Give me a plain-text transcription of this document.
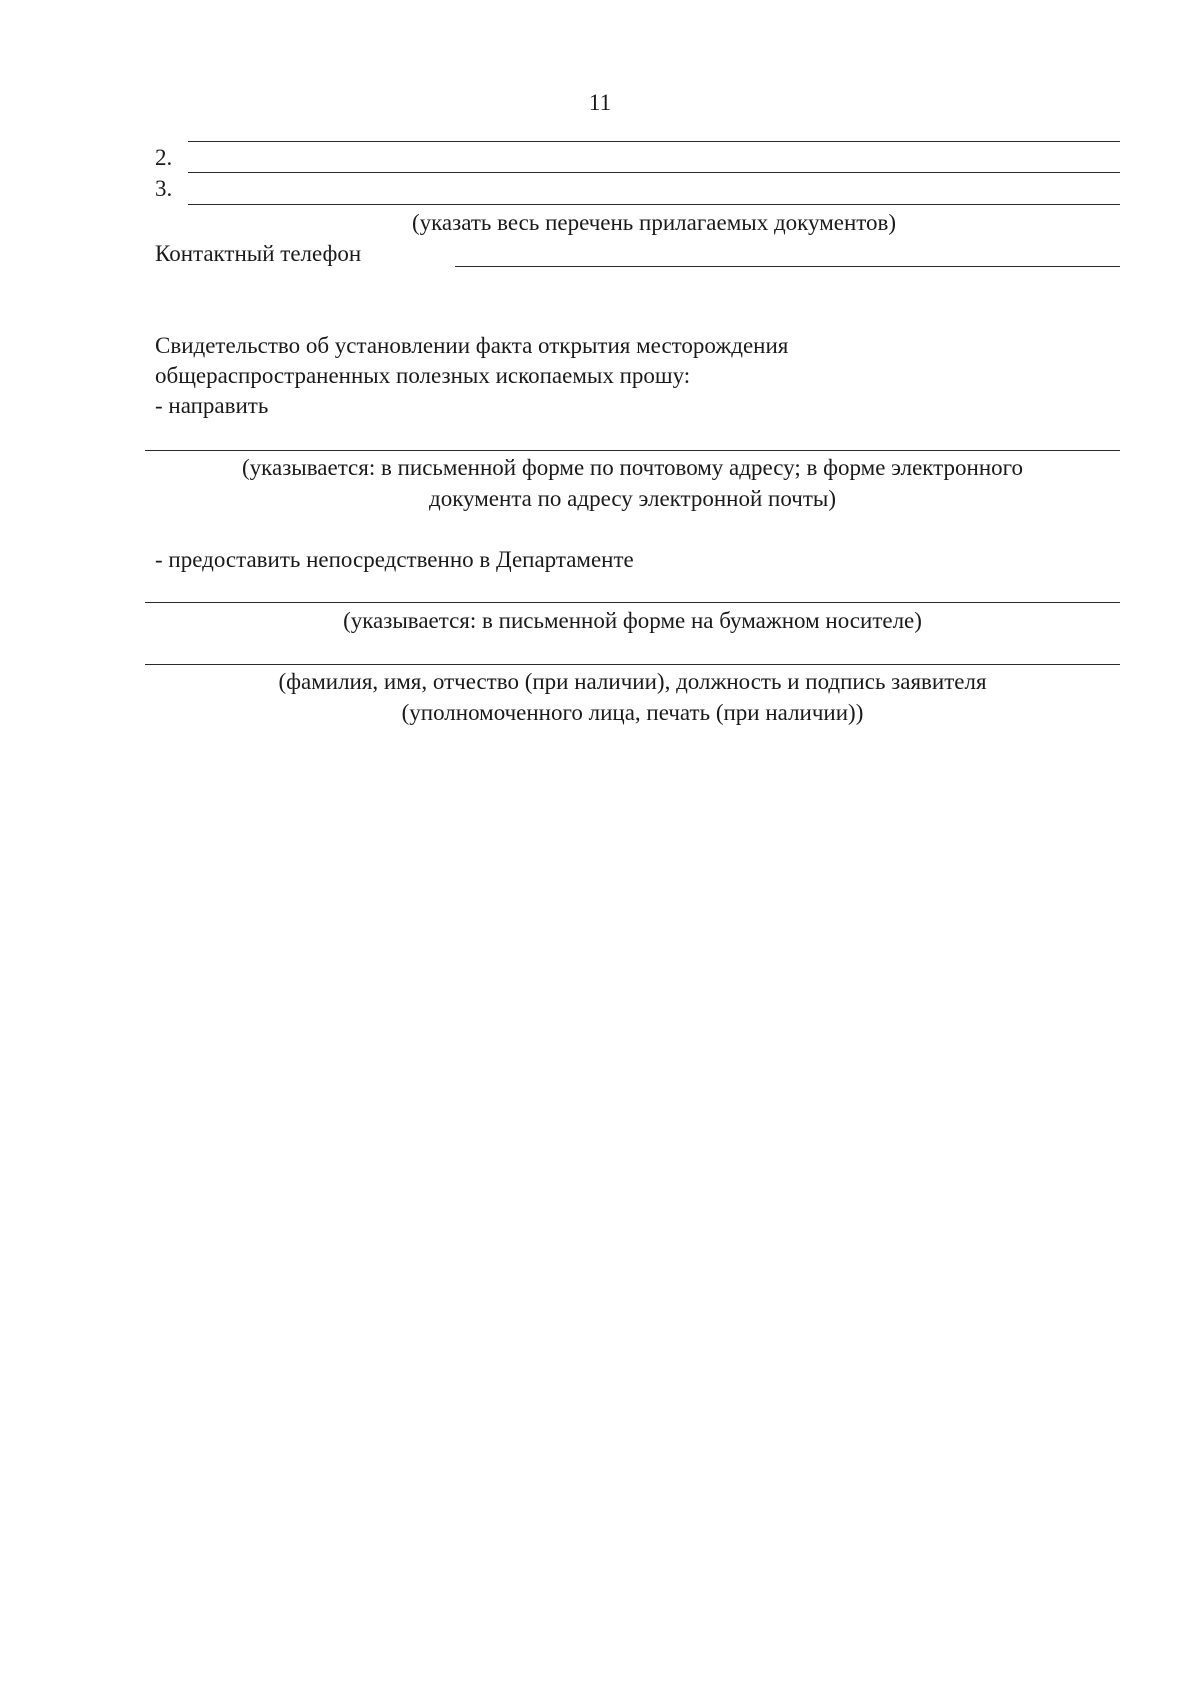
11
2.
3.
(указать весь перечень прилагаемых документов)
Контактный телефон
Свидетельство об установлении факта открытия месторождения
общераспространенных полезных ископаемых прошу:
- направить
(указывается: в письменной форме по почтовому адресу; в форме электронного
документа по адресу электронной почты)
- предоставить непосредственно в Департаменте
(указывается: в письменной форме на бумажном носителе)
(фамилия, имя, отчество (при наличии), должность и подпись заявителя
(уполномоченного лица, печать (при наличии))
